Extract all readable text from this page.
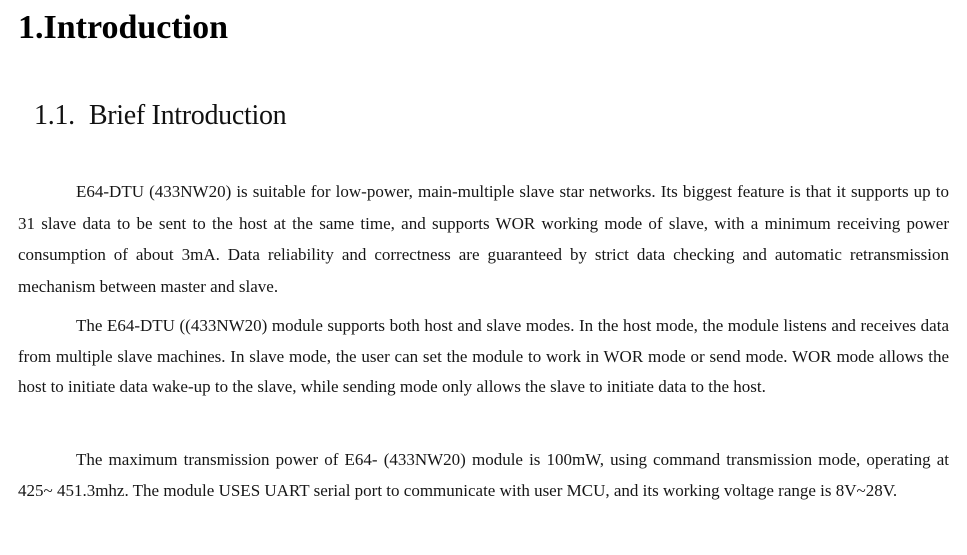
1.Introduction
1.1. Brief Introduction

E64-DTU (433NW20) is suitable for low-power, main-multiple slave star networks. Its biggest feature is that it supports up to 31 slave data to be sent to the host at the same time, and supports WOR working mode of slave, with a minimum receiving power consumption of about 3mA. Data reliability and correctness are guaranteed by strict data checking and automatic retransmission mechanism between master and slave.

The E64-DTU ((433NW20) module supports both host and slave modes. In the host mode, the module listens and receives data from multiple slave machines. In slave mode, the user can set the module to work in WOR mode or send mode. WOR mode allows the host to initiate data wake-up to the slave, while sending mode only allows the slave to initiate data to the host.

The maximum transmission power of E64- (433NW20) module is 100mW, using command transmission mode, operating at 425~ 451.3mhz. The module USES UART serial port to communicate with user MCU, and its working voltage range is 8V~28V.
